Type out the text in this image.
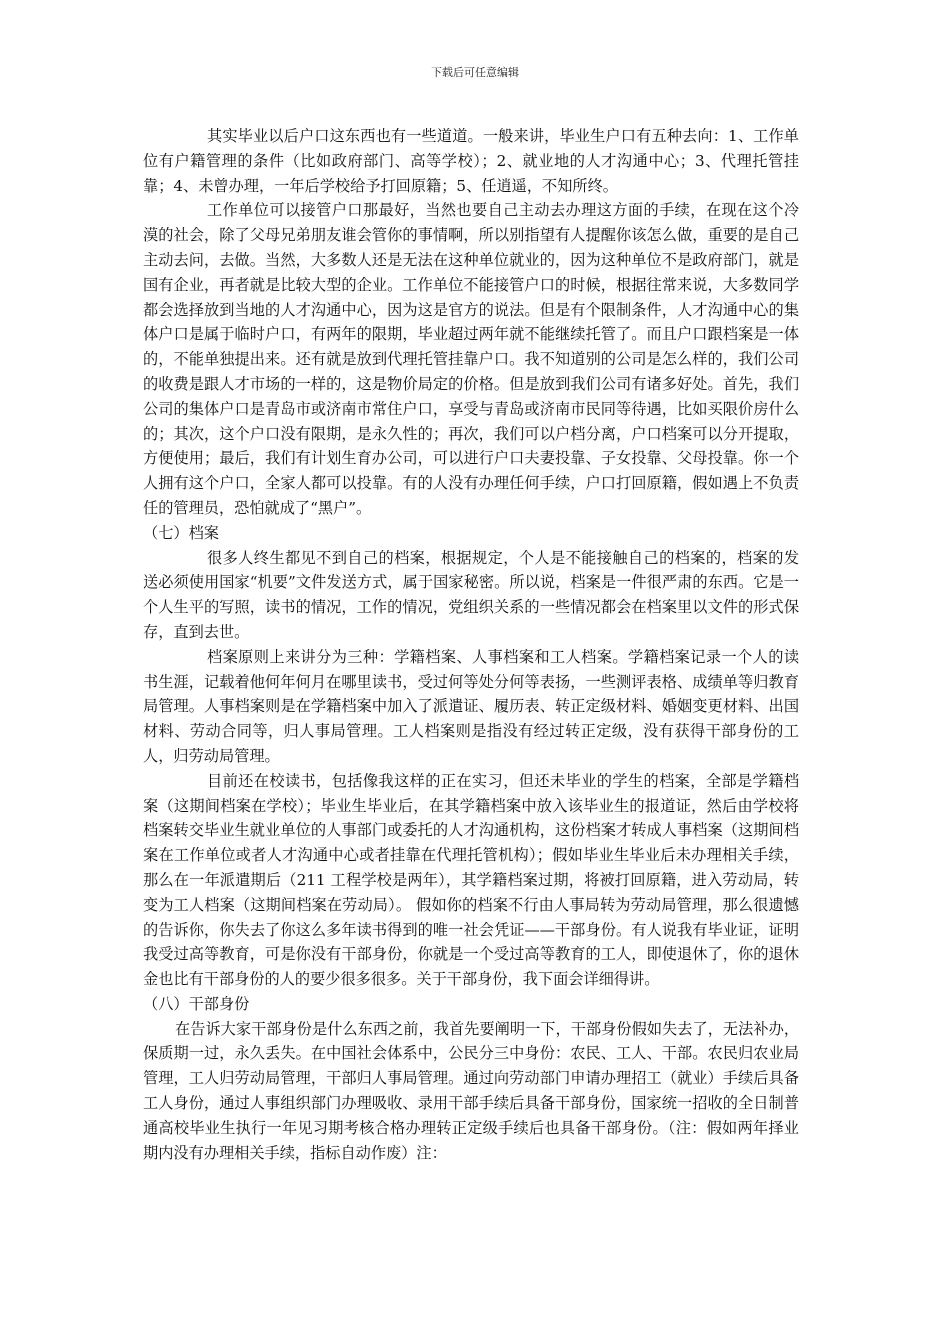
下载后可任意编辑

其实毕业以后户口这东西也有一些道道。一般来讲，毕业生户口有五种去向：1、工作单位有户籍管理的条件（比如政府部门、高等学校）；2、就业地的人才沟通中心；3、代理托管挂靠；4、未曾办理，一年后学校给予打回原籍；5、任逍遥，不知所终。

工作单位可以接管户口那最好，当然也要自己主动去办理这方面的手续，在现在这个冷漠的社会，除了父母兄弟朋友谁会管你的事情啊，所以别指望有人提醒你该怎么做，重要的是自己主动去问，去做。当然，大多数人还是无法在这种单位就业的，因为这种单位不是政府部门，就是国有企业，再者就是比较大型的企业。工作单位不能接管户口的时候，根据往常来说，大多数同学都会选择放到当地的人才沟通中心，因为这是官方的说法。但是有个限制条件，人才沟通中心的集体户口是属于临时户口，有两年的限期，毕业超过两年就不能继续托管了。而且户口跟档案是一体的，不能单独提出来。还有就是放到代理托管挂靠户口。我不知道别的公司是怎么样的，我们公司的收费是跟人才市场的一样的，这是物价局定的价格。但是放到我们公司有诸多好处。首先，我们公司的集体户口是青岛市或济南市常住户口，享受与青岛或济南市民同等待遇，比如买限价房什么的；其次，这个户口没有限期，是永久性的；再次，我们可以户档分离，户口档案可以分开提取，方便使用；最后，我们有计划生育办公司，可以进行户口夫妻投靠、子女投靠、父母投靠。你一个人拥有这个户口，全家人都可以投靠。有的人没有办理任何手续，户口打回原籍，假如遇上不负责任的管理员，恐怕就成了“黑户”。

（七）档案

很多人终生都见不到自己的档案，根据规定，个人是不能接触自己的档案的，档案的发送必须使用国家“机要”文件发送方式，属于国家秘密。所以说，档案是一件很严肃的东西。它是一个人生平的写照，读书的情况，工作的情况，党组织关系的一些情况都会在档案里以文件的形式保存，直到去世。

档案原则上来讲分为三种：学籍档案、人事档案和工人档案。学籍档案记录一个人的读书生涯，记载着他何年何月在哪里读书，受过何等处分何等表扬，一些测评表格、成绩单等归教育局管理。人事档案则是在学籍档案中加入了派遣证、履历表、转正定级材料、婚姻变更材料、出国材料、劳动合同等，归人事局管理。工人档案则是指没有经过转正定级，没有获得干部身份的工人，归劳动局管理。

目前还在校读书，包括像我这样的正在实习，但还未毕业的学生的档案，全部是学籍档案（这期间档案在学校）；毕业生毕业后，在其学籍档案中放入该毕业生的报道证，然后由学校将档案转交毕业生就业单位的人事部门或委托的人才沟通机构，这份档案才转成人事档案（这期间档案在工作单位或者人才沟通中心或者挂靠在代理托管机构）；假如毕业生毕业后未办理相关手续，那么在一年派遣期后（211 工程学校是两年），其学籍档案过期，将被打回原籍，进入劳动局，转变为工人档案（这期间档案在劳动局）。 假如你的档案不行由人事局转为劳动局管理，那么很遗憾的告诉你，你失去了你这么多年读书得到的唯一社会凭证——干部身份。有人说我有毕业证，证明我受过高等教育，可是你没有干部身份，你就是一个受过高等教育的工人，即使退休了，你的退休金也比有干部身份的人的要少很多很多。关于干部身份，我下面会详细得讲。

（八）干部身份

在告诉大家干部身份是什么东西之前，我首先要阐明一下，干部身份假如失去了，无法补办，保质期一过，永久丢失。在中国社会体系中，公民分三中身份：农民、工人、干部。农民归农业局管理，工人归劳动局管理，干部归人事局管理。通过向劳动部门申请办理招工（就业）手续后具备工人身份，通过人事组织部门办理吸收、录用干部手续后具备干部身份，国家统一招收的全日制普通高校毕业生执行一年见习期考核合格办理转正定级手续后也具备干部身份。（注：假如两年择业期内没有办理相关手续，指标自动作废）注：
